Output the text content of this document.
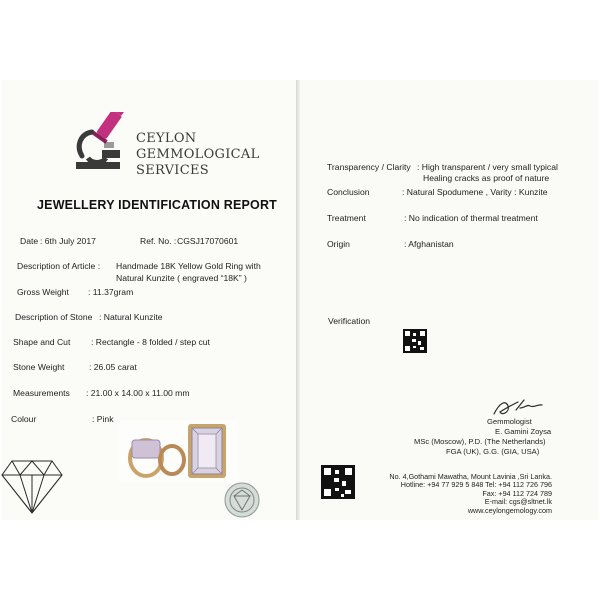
CEYLON
GEMMOLOGICAL
SERVICES
JEWELLERY IDENTIFICATION REPORT
Date : 6th July 2017	Ref. No. : CGSJ17070601
Description of Article : Handmade 18K Yellow Gold Ring with
Natural Kunzite ( engraved “18K” )
Gross Weight : 11.37gram
Description of Stone : Natural Kunzite
Shape and Cut : Rectangle - 8 folded / step cut
Stone Weight	: 26.05 carat
Measurements : 21.00 x 14.00 x 11.00 mm
Colour	: Pink
Transparency / Clarity : High transparent / very small typical
Healing cracks as proof of nature
Conclusion	: Natural Spodumene , Varity : Kunzite
Treatment	: No indication of thermal treatment
Origin	: Afghanistan
Verification
Gemmologist
E. Gamini Zoysa
MSc (Moscow), P.D. (The Netherlands)
FGA (UK), G.G. (GIA, USA)
No. 4,Gothami Mawatha, Mount Lavinia ,Sri Lanka.
Hotline: +94 77 929 5 848 Tel: +94 112 726 796
Fax: +94 112 724 789
E-mail: cgs@sltnet.lk
www.ceylongemology.com
